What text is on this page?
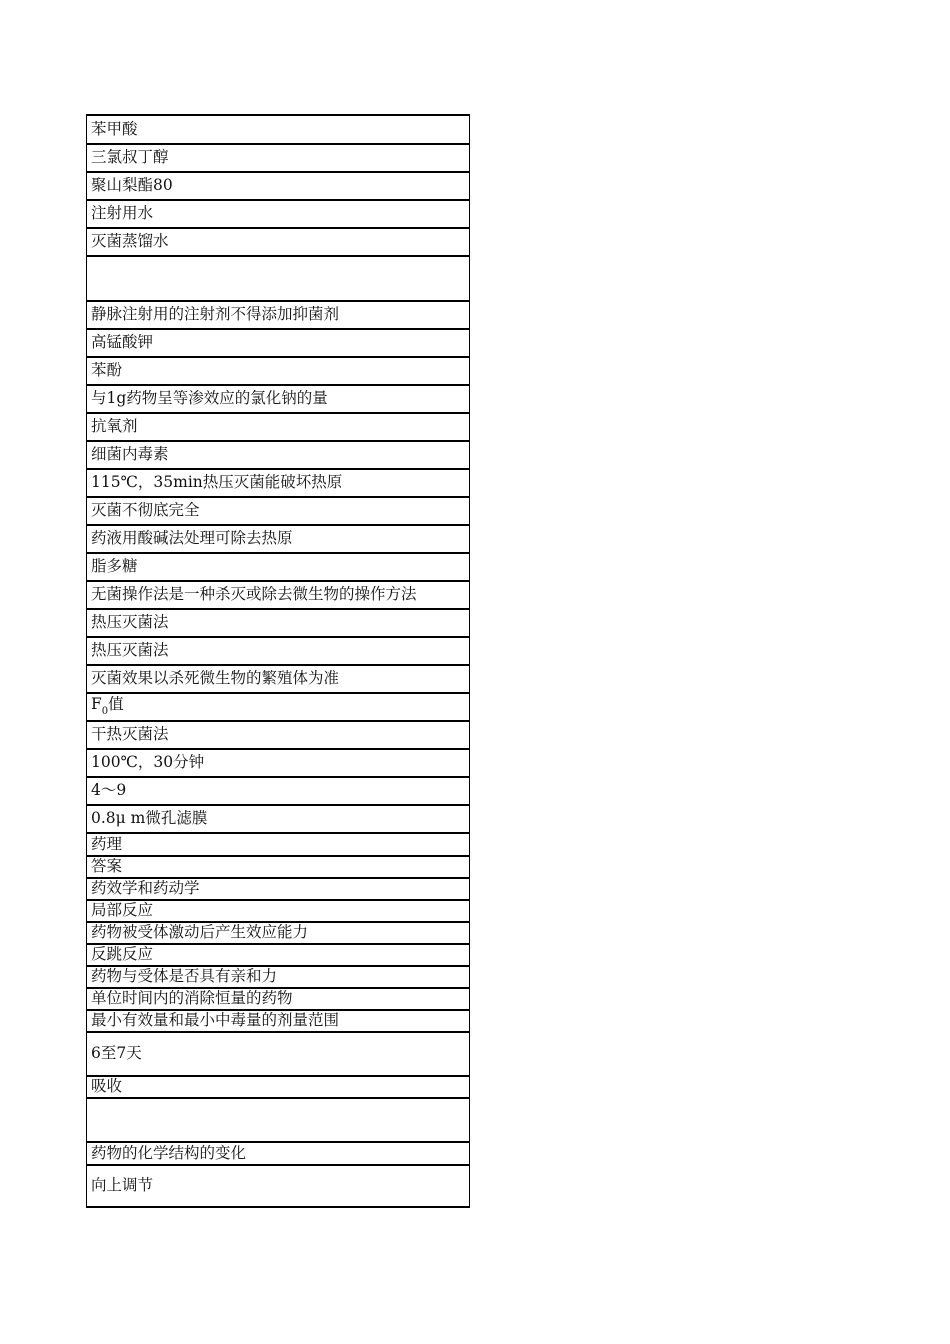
苯甲酸
三氯叔丁醇
聚山梨酯80
注射用水
灭菌蒸馏水
静脉注射用的注射剂不得添加抑菌剂
高锰酸钾
苯酚
与1g药物呈等渗效应的氯化钠的量
抗氧剂
细菌内毒素
115℃，35min热压灭菌能破坏热原
灭菌不彻底完全
药液用酸碱法处理可除去热原
脂多糖
无菌操作法是一种杀灭或除去微生物的操作方法
热压灭菌法
热压灭菌法
灭菌效果以杀死微生物的繁殖体为准
$F_0$值
干热灭菌法
100℃，30分钟
4～9
0.8μ m微孔滤膜
药理
答案
药效学和药动学
局部反应
药物被受体激动后产生效应能力
反跳反应
药物与受体是否具有亲和力
单位时间内的消除恒量的药物
最小有效量和最小中毒量的剂量范围
6至7天
吸收
药物的化学结构的变化
向上调节
